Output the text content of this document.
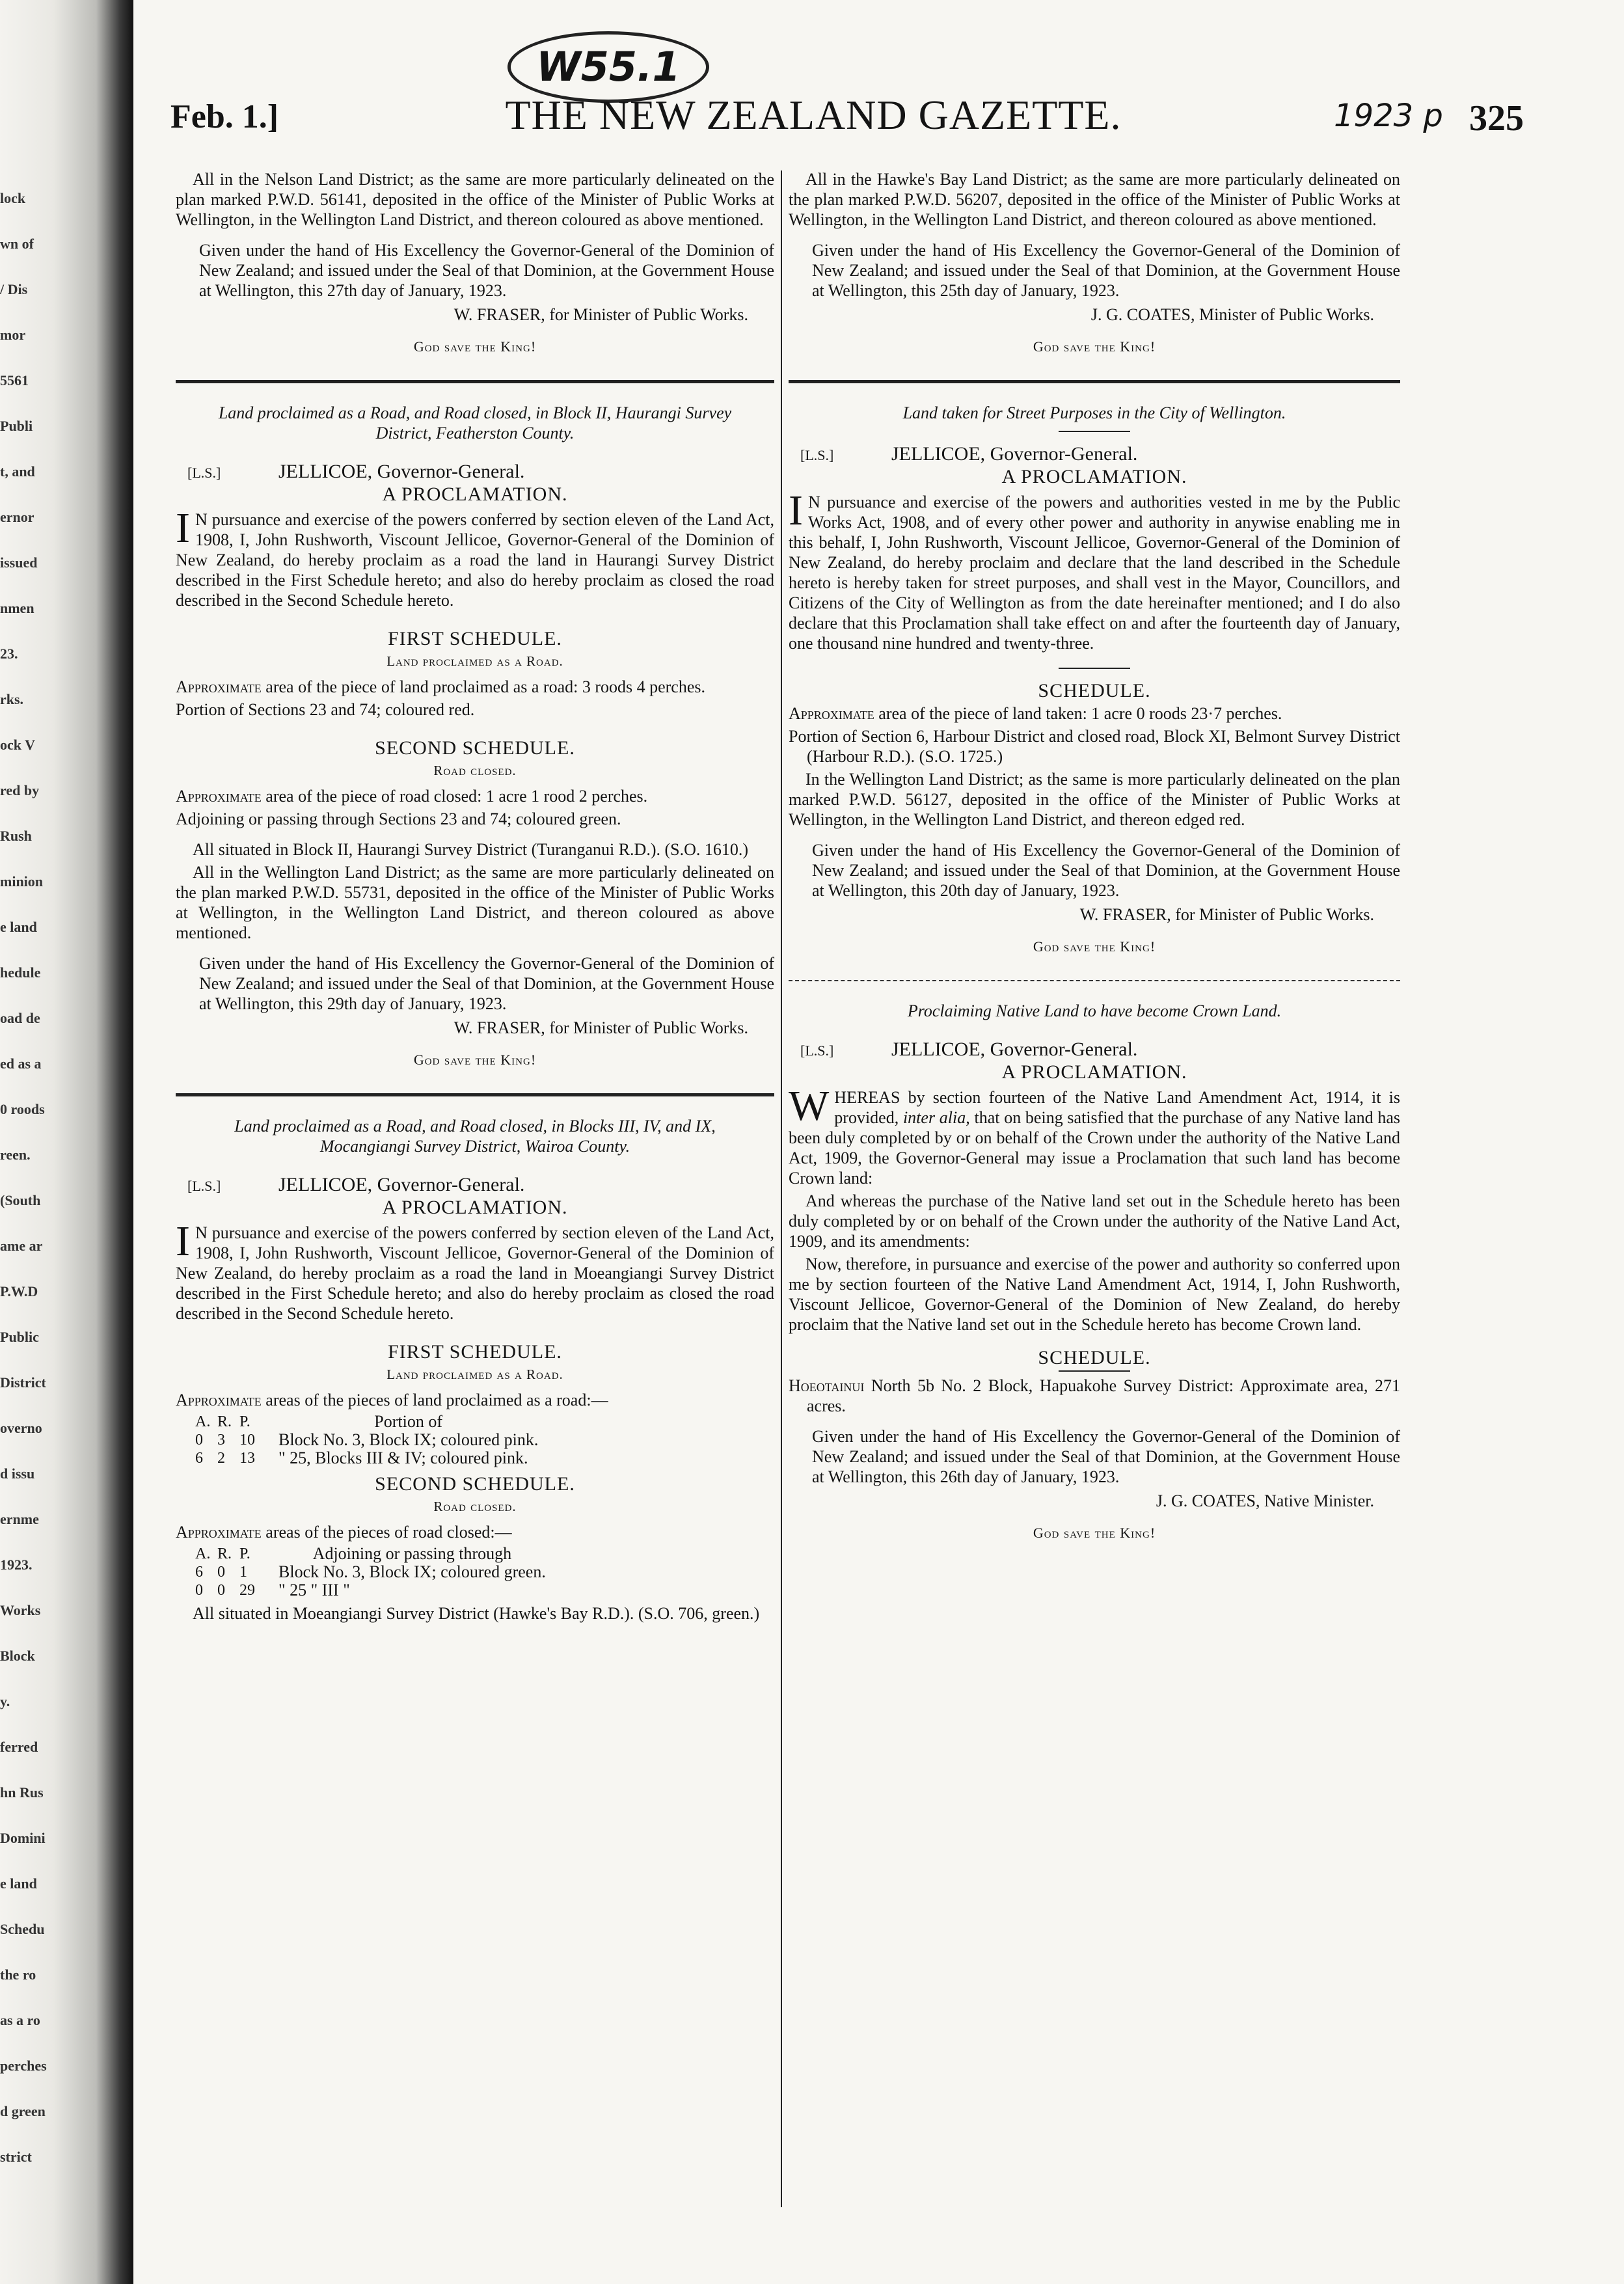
lock
wn of
/ Dis
mor
5561
Publi
t, and
ernor
issued
nmen
23.
rks.
ock V
red by
Rush
minion
e land
hedule
oad de
ed as a
0 roods
reen.
(South
ame ar
P.W.D
Public
District
overno
d issu
ernme
1923.
Works
Block
y.
ferred
hn Rus
Domini
e land
Schedu
the ro
as a ro
perches
d green
strict
W55.1
Feb. 1.]	THE NEW ZEALAND GAZETTE.	1923 p 325

All in the Nelson Land District; as the same are more particularly delineated on the plan marked P.W.D. 56141, deposited in the office of the Minister of Public Works at Wellington, in the Wellington Land District, and thereon coloured as above mentioned.

Given under the hand of His Excellency the Governor-General of the Dominion of New Zealand; and issued under the Seal of that Dominion, at the Government House at Wellington, this 27th day of January, 1923.

W. FRASER, for Minister of Public Works.

God save the King!

Land proclaimed as a Road, and Road closed, in Block II, Haurangi Survey District, Featherston County.

[L.S.]	JELLICOE, Governor-General.

A PROCLAMATION.

I N pursuance and exercise of the powers conferred by section eleven of the Land Act, 1908, I, John Rushworth, Viscount Jellicoe, Governor-General of the Dominion of New Zealand, do hereby proclaim as a road the land in Haurangi Survey District described in the First Schedule hereto; and also do hereby proclaim as closed the road described in the Second Schedule hereto.

FIRST SCHEDULE.

Land proclaimed as a Road.

Approximate area of the piece of land proclaimed as a road: 3 roods 4 perches.

Portion of Sections 23 and 74; coloured red.

SECOND SCHEDULE.

Road closed.

Approximate area of the piece of road closed: 1 acre 1 rood 2 perches.

Adjoining or passing through Sections 23 and 74; coloured green.

All situated in Block II, Haurangi Survey District (Turanganui R.D.). (S.O. 1610.)

All in the Wellington Land District; as the same are more particularly delineated on the plan marked P.W.D. 55731, deposited in the office of the Minister of Public Works at Wellington, in the Wellington Land District, and thereon coloured as above mentioned.

Given under the hand of His Excellency the Governor-General of the Dominion of New Zealand; and issued under the Seal of that Dominion, at the Government House at Wellington, this 29th day of January, 1923.

W. FRASER, for Minister of Public Works.

God save the King!

Land proclaimed as a Road, and Road closed, in Blocks III, IV, and IX, Mocangiangi Survey District, Wairoa County.

[L.S.]	JELLICOE, Governor-General.

A PROCLAMATION.

I N pursuance and exercise of the powers conferred by section eleven of the Land Act, 1908, I, John Rushworth, Viscount Jellicoe, Governor-General of the Dominion of New Zealand, do hereby proclaim as a road the land in Moeangiangi Survey District described in the First Schedule hereto; and also do hereby proclaim as closed the road described in the Second Schedule hereto.

FIRST SCHEDULE.

Land proclaimed as a Road.

Approximate areas of the pieces of land proclaimed as a road:—

A.	R.	P.	Portion of
0	3	10	Block No. 3, Block IX; coloured pink.
6	2	13	" 25, Blocks III & IV; coloured pink.

SECOND SCHEDULE.

Road closed.

Approximate areas of the pieces of road closed:—

A.	R.	P.	Adjoining or passing through
6	0	1	Block No. 3, Block IX; coloured green.
0	0	29	" 25 " III "

All situated in Moeangiangi Survey District (Hawke's Bay R.D.). (S.O. 706, green.)

All in the Hawke's Bay Land District; as the same are more particularly delineated on the plan marked P.W.D. 56207, deposited in the office of the Minister of Public Works at Wellington, in the Wellington Land District, and thereon coloured as above mentioned.

Given under the hand of His Excellency the Governor-General of the Dominion of New Zealand; and issued under the Seal of that Dominion, at the Government House at Wellington, this 25th day of January, 1923.

J. G. COATES, Minister of Public Works.

God save the King!

Land taken for Street Purposes in the City of Wellington.

[L.S.]	JELLICOE, Governor-General.

A PROCLAMATION.

I N pursuance and exercise of the powers and authorities vested in me by the Public Works Act, 1908, and of every other power and authority in anywise enabling me in this behalf, I, John Rushworth, Viscount Jellicoe, Governor-General of the Dominion of New Zealand, do hereby proclaim and declare that the land described in the Schedule hereto is hereby taken for street purposes, and shall vest in the Mayor, Councillors, and Citizens of the City of Wellington as from the date hereinafter mentioned; and I do also declare that this Proclamation shall take effect on and after the fourteenth day of January, one thousand nine hundred and twenty-three.

SCHEDULE.

Approximate area of the piece of land taken: 1 acre 0 roods 23·7 perches.

Portion of Section 6, Harbour District and closed road, Block XI, Belmont Survey District (Harbour R.D.). (S.O. 1725.)

In the Wellington Land District; as the same is more particularly delineated on the plan marked P.W.D. 56127, deposited in the office of the Minister of Public Works at Wellington, in the Wellington Land District, and thereon edged red.

Given under the hand of His Excellency the Governor-General of the Dominion of New Zealand; and issued under the Seal of that Dominion, at the Government House at Wellington, this 20th day of January, 1923.

W. FRASER, for Minister of Public Works.

God save the King!

Proclaiming Native Land to have become Crown Land.

[L.S.]	JELLICOE, Governor-General.

A PROCLAMATION.

WHEREAS by section fourteen of the Native Land Amendment Act, 1914, it is provided, inter alia, that on being satisfied that the purchase of any Native land has been duly completed by or on behalf of the Crown under the authority of the Native Land Act, 1909, the Governor-General may issue a Proclamation that such land has become Crown land:

And whereas the purchase of the Native land set out in the Schedule hereto has been duly completed by or on behalf of the Crown under the authority of the Native Land Act, 1909, and its amendments:

Now, therefore, in pursuance and exercise of the power and authority so conferred upon me by section fourteen of the Native Land Amendment Act, 1914, I, John Rushworth, Viscount Jellicoe, Governor-General of the Dominion of New Zealand, do hereby proclaim that the Native land set out in the Schedule hereto has become Crown land.

SCHEDULE.

Hoeotainui North 5b No. 2 Block, Hapuakohe Survey District: Approximate area, 271 acres.

Given under the hand of His Excellency the Governor-General of the Dominion of New Zealand; and issued under the Seal of that Dominion, at the Government House at Wellington, this 26th day of January, 1923.

J. G. COATES, Native Minister.

God save the King!
